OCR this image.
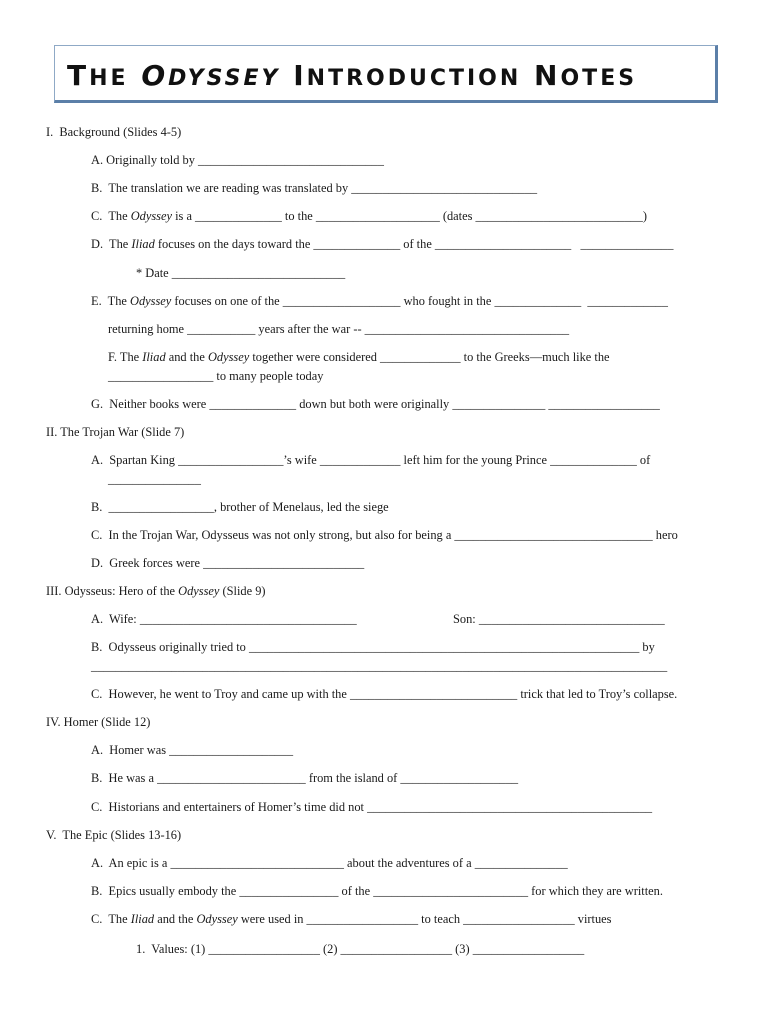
THE ODYSSEY INTRODUCTION NOTES
I.  Background (Slides 4-5)
A. Originally told by ______________________________
B.  The translation we are reading was translated by ______________________________
C.  The Odyssey is a ______________ to the ____________________ (dates ___________________________)
D.  The Iliad focuses on the days toward the ______________ of the ______________________   _______________
* Date ____________________________
E.  The Odyssey focuses on one of the ___________________ who fought in the ______________  _____________
returning home ___________ years after the war -- _________________________________
F. The Iliad and the Odyssey together were considered _____________ to the Greeks—much like the
_________________ to many people today
G.  Neither books were ______________ down but both were originally _______________ __________________
II. The Trojan War (Slide 7)
A.  Spartan King _________________’s wife _____________ left him for the young Prince ______________ of
_______________
B.  _________________, brother of Menelaus, led the siege
C.  In the Trojan War, Odysseus was not only strong, but also for being a ________________________________ hero
D.  Greek forces were __________________________
III. Odysseus: Hero of the Odyssey (Slide 9)
A.  Wife: ___________________________________	Son: ______________________________
B.  Odysseus originally tried to _______________________________________________________________ by
_____________________________________________________________________________________________
C.  However, he went to Troy and came up with the ___________________________ trick that led to Troy’s collapse.
IV. Homer (Slide 12)
A.  Homer was ____________________
B.  He was a ________________________ from the island of ___________________
C.  Historians and entertainers of Homer’s time did not ______________________________________________
V.  The Epic (Slides 13-16)
A.  An epic is a ____________________________ about the adventures of a _______________
B.  Epics usually embody the ________________ of the _________________________ for which they are written.
C.  The Iliad and the Odyssey were used in __________________ to teach __________________ virtues
1.  Values: (1) __________________ (2) __________________ (3) __________________
